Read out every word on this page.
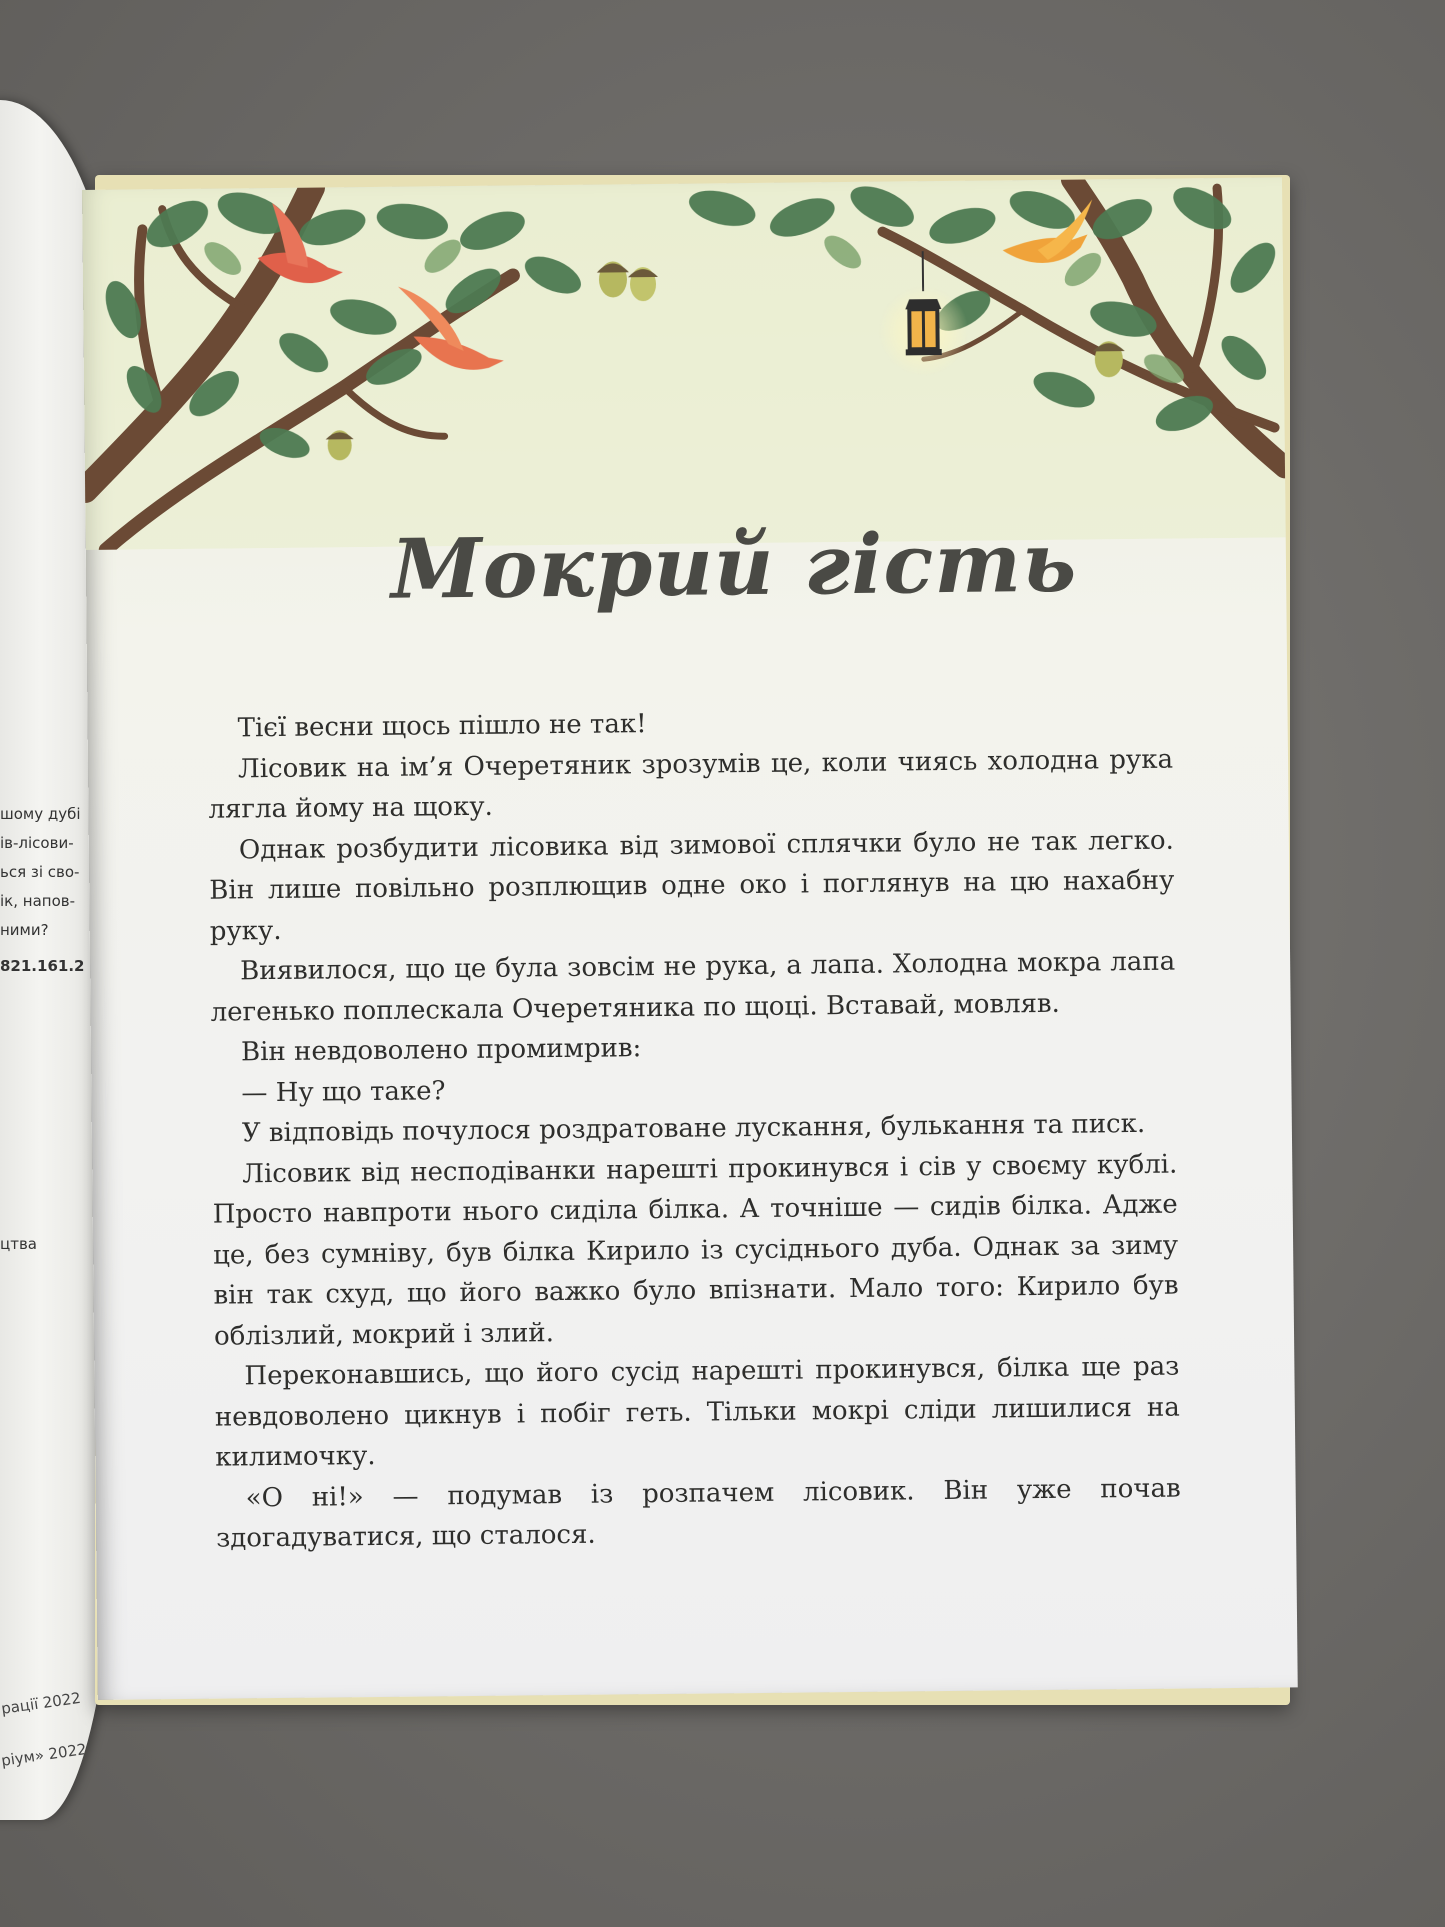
шому дубі
ів-лісови-
ься зі сво-
ік, напов-
ними?
821.161.2
цтва
рації 2022
ріум» 2022
Мокрий гість

Тієї весни щось пішло не так!

Лісовик на ім’я Очеретяник зрозумів це, коли чиясь холодна рука лягла йому на щоку.

Однак розбудити лісовика від зимової сплячки було не так легко. Він лише повільно розплющив одне око і поглянув на цю нахабну руку.

Виявилося, що це була зовсім не рука, а лапа. Холодна мокра лапа легенько поплескала Очеретяника по щоці. Вставай, мовляв.

Він невдоволено промимрив:

— Ну що таке?

У відповідь почулося роздратоване лускання, булькання та писк.

Лісовик від несподіванки нарешті прокинувся і сів у своєму кублі. Просто навпроти нього сиділа білка. А точніше — сидів білка. Адже це, без сумніву, був білка Кирило із сусіднього дуба. Однак за зиму він так схуд, що його важко було впізнати. Мало того: Кирило був облізлий, мокрий і злий.

Переконавшись, що його сусід нарешті прокинувся, білка ще раз невдоволено цикнув і побіг геть. Тільки мокрі сліди лишилися на килимочку.

«О ні!» — подумав із розпачем лісовик. Він уже почав здогадуватися, що сталося.
